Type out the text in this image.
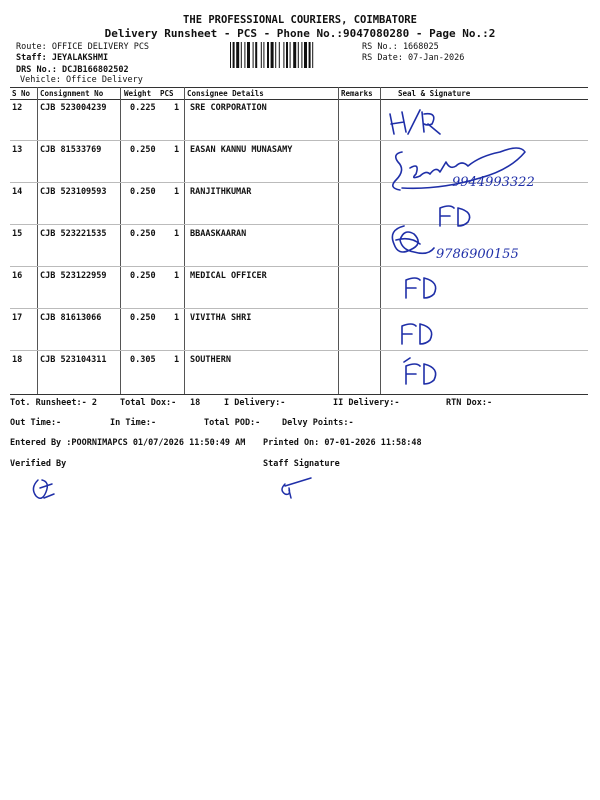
THE PROFESSIONAL COURIERS, COIMBATORE
Delivery Runsheet - PCS - Phone No.:9047080280 - Page No.:2
Route: OFFICE DELIVERY PCS
Staff: JEYALAKSHMI
DRS No.: DCJB166802502
Vehicle: Office Delivery
RS No.: 1668025
RS Date: 07-Jan-2026
S No Consignment No	Weight PCS Consignee Details	Remarks	Seal & Signature
12 CJB 523004239	0.225 1 SRE CORPORATION
13 CJB 81533769	0.250 1 EASAN KANNU MUNASAMY
14 CJB 523109593	0.250 1 RANJITHKUMAR
15 CJB 523221535	0.250 1 BBAASKAARAN
16 CJB 523122959	0.250 1 MEDICAL OFFICER
17 CJB 81613066	0.250 1 VIVITHA SHRI
18 CJB 523104311	0.305 1 SOUTHERN
9944993322
9786900155
Tot. Runsheet:- 2	Total Dox:- 18	I Delivery:-	II Delivery:-	RTN Dox:-
Out Time:-	In Time:-	Total POD:-	Delvy Points:-
Entered By :POORNIMAPCS 01/07/2026 11:50:49 AM Printed On: 07-01-2026 11:58:48
Verified By	Staff Signature
